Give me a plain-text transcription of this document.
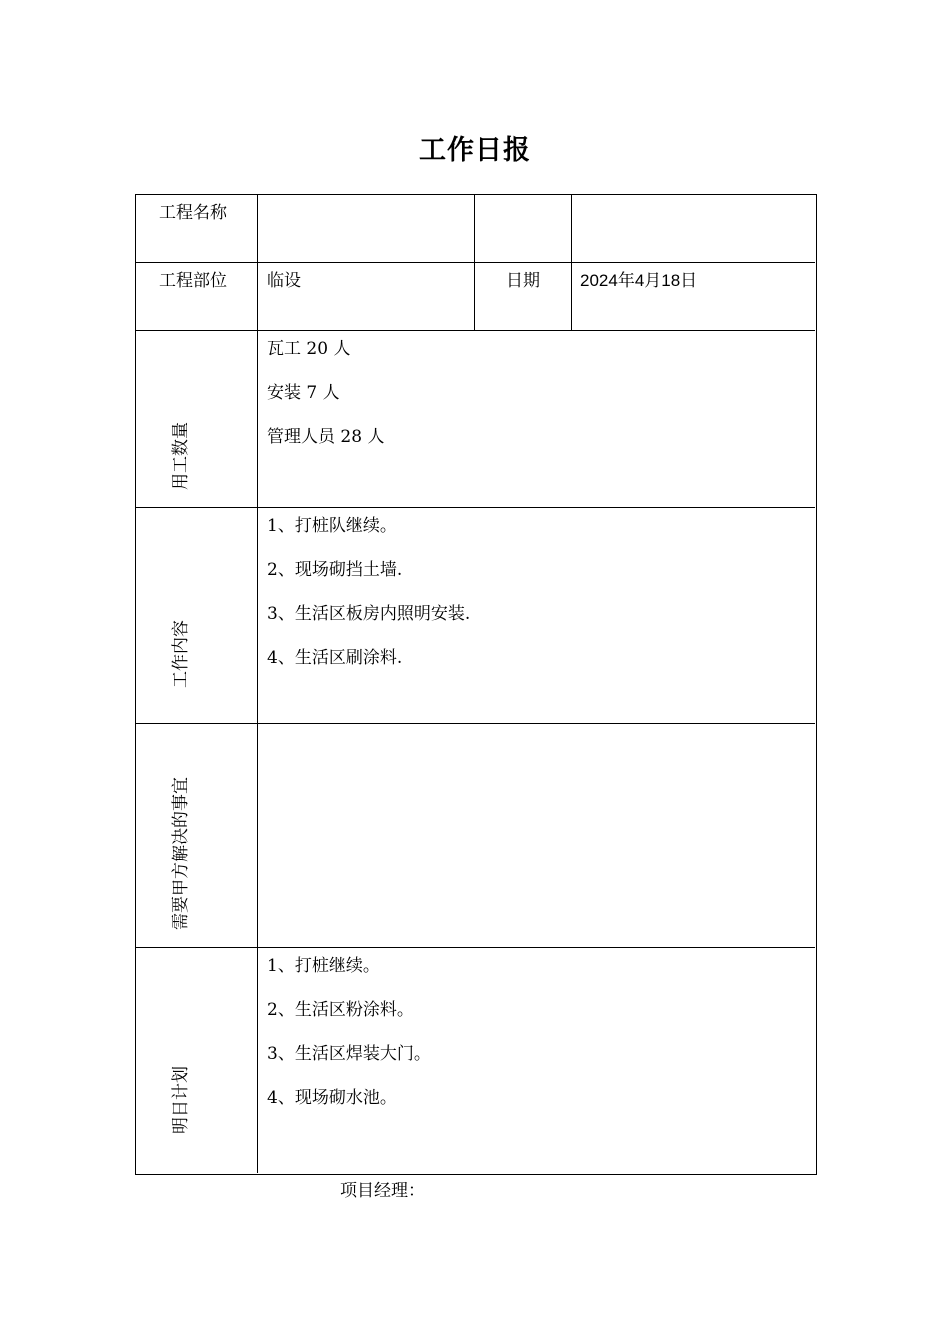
工作日报
工程名称
工程部位 临设	日期 2024年4月18日
用工数量
瓦工 20 人
安装 7 人
管理人员 28 人
工作内容
1、打桩队继续。
2、现场砌挡土墙.
3、生活区板房内照明安装.
4、生活区刷涂料.
需要甲方解决的事宜
明日计划
1、打桩继续。
2、生活区粉涂料。
3、生活区焊装大门。
4、现场砌水池。
项目经理：
